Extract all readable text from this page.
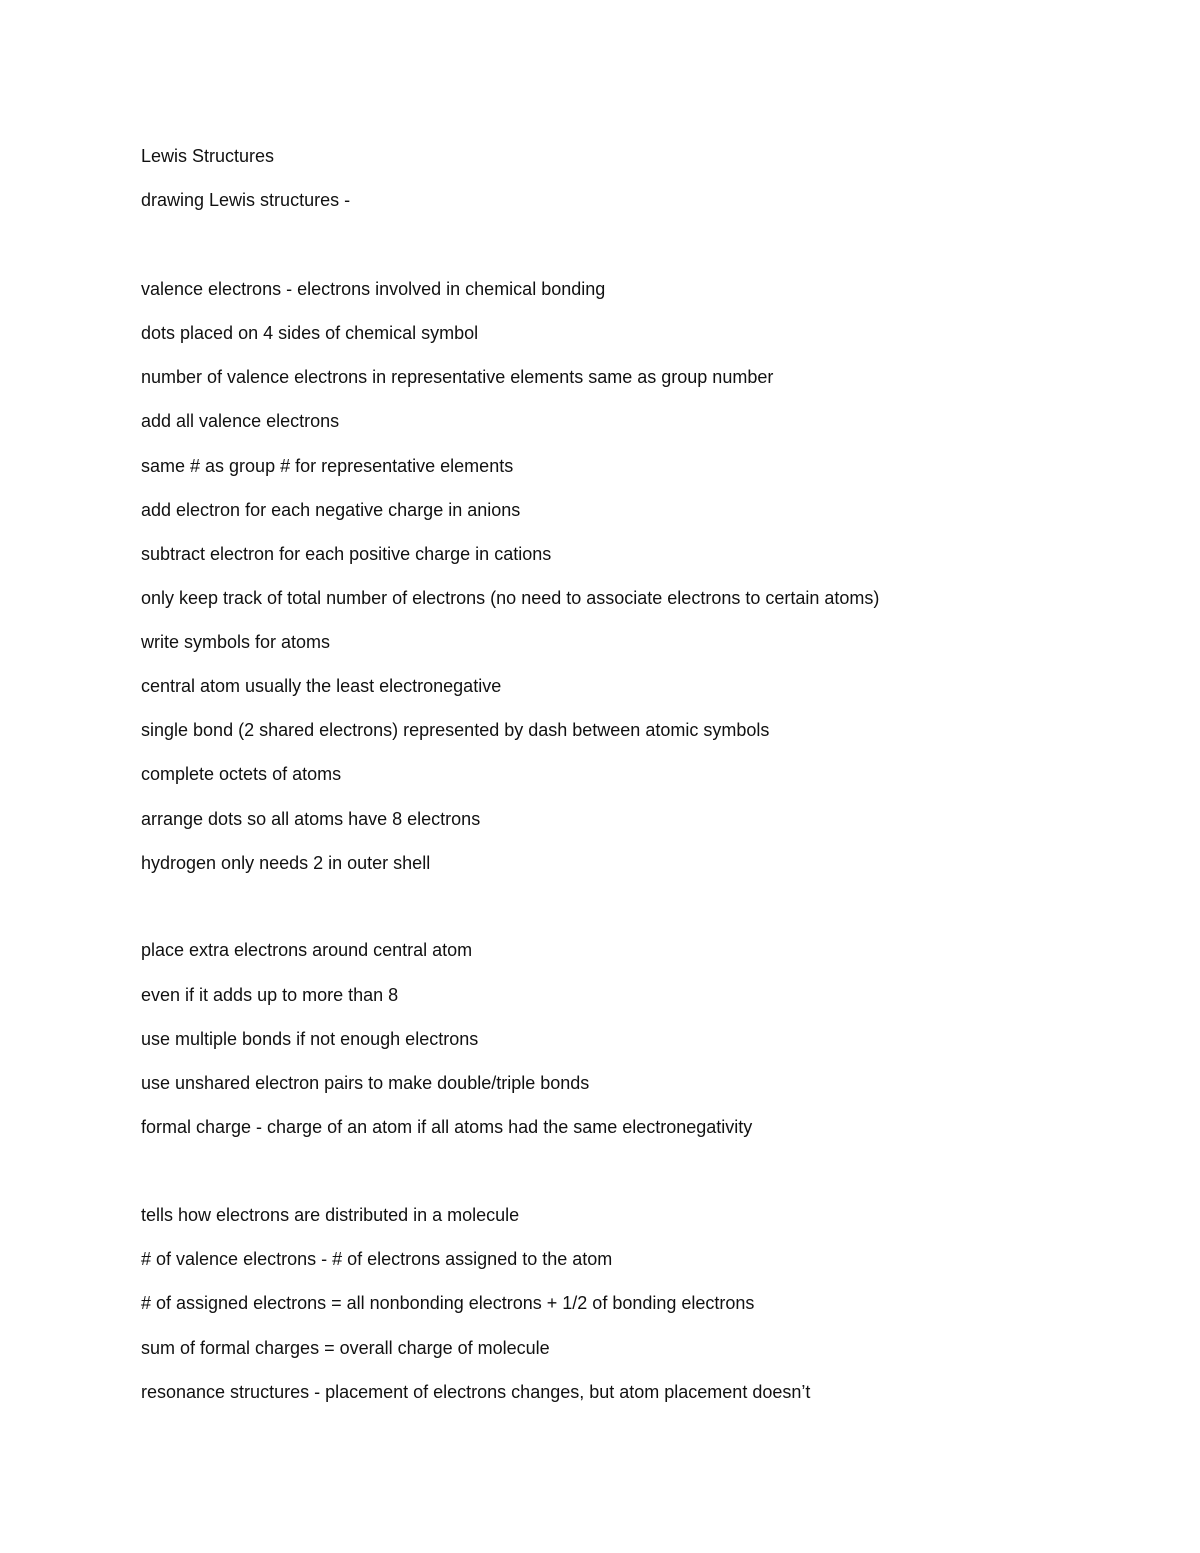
Lewis Structures
drawing Lewis structures -
valence electrons - electrons involved in chemical bonding
dots placed on 4 sides of chemical symbol
number of valence electrons in representative elements same as group number
add all valence electrons
same # as group # for representative elements
add electron for each negative charge in anions
subtract electron for each positive charge in cations
only keep track of total number of electrons (no need to associate electrons to certain atoms)
write symbols for atoms
central atom usually the least electronegative
single bond (2 shared electrons) represented by dash between atomic symbols
complete octets of atoms
arrange dots so all atoms have 8 electrons
hydrogen only needs 2 in outer shell
place extra electrons around central atom
even if it adds up to more than 8
use multiple bonds if not enough electrons
use unshared electron pairs to make double/triple bonds
formal charge - charge of an atom if all atoms had the same electronegativity
tells how electrons are distributed in a molecule
# of valence electrons - # of electrons assigned to the atom
# of assigned electrons = all nonbonding electrons + 1/2 of bonding electrons
sum of formal charges = overall charge of molecule
resonance structures - placement of electrons changes, but atom placement doesn’t
